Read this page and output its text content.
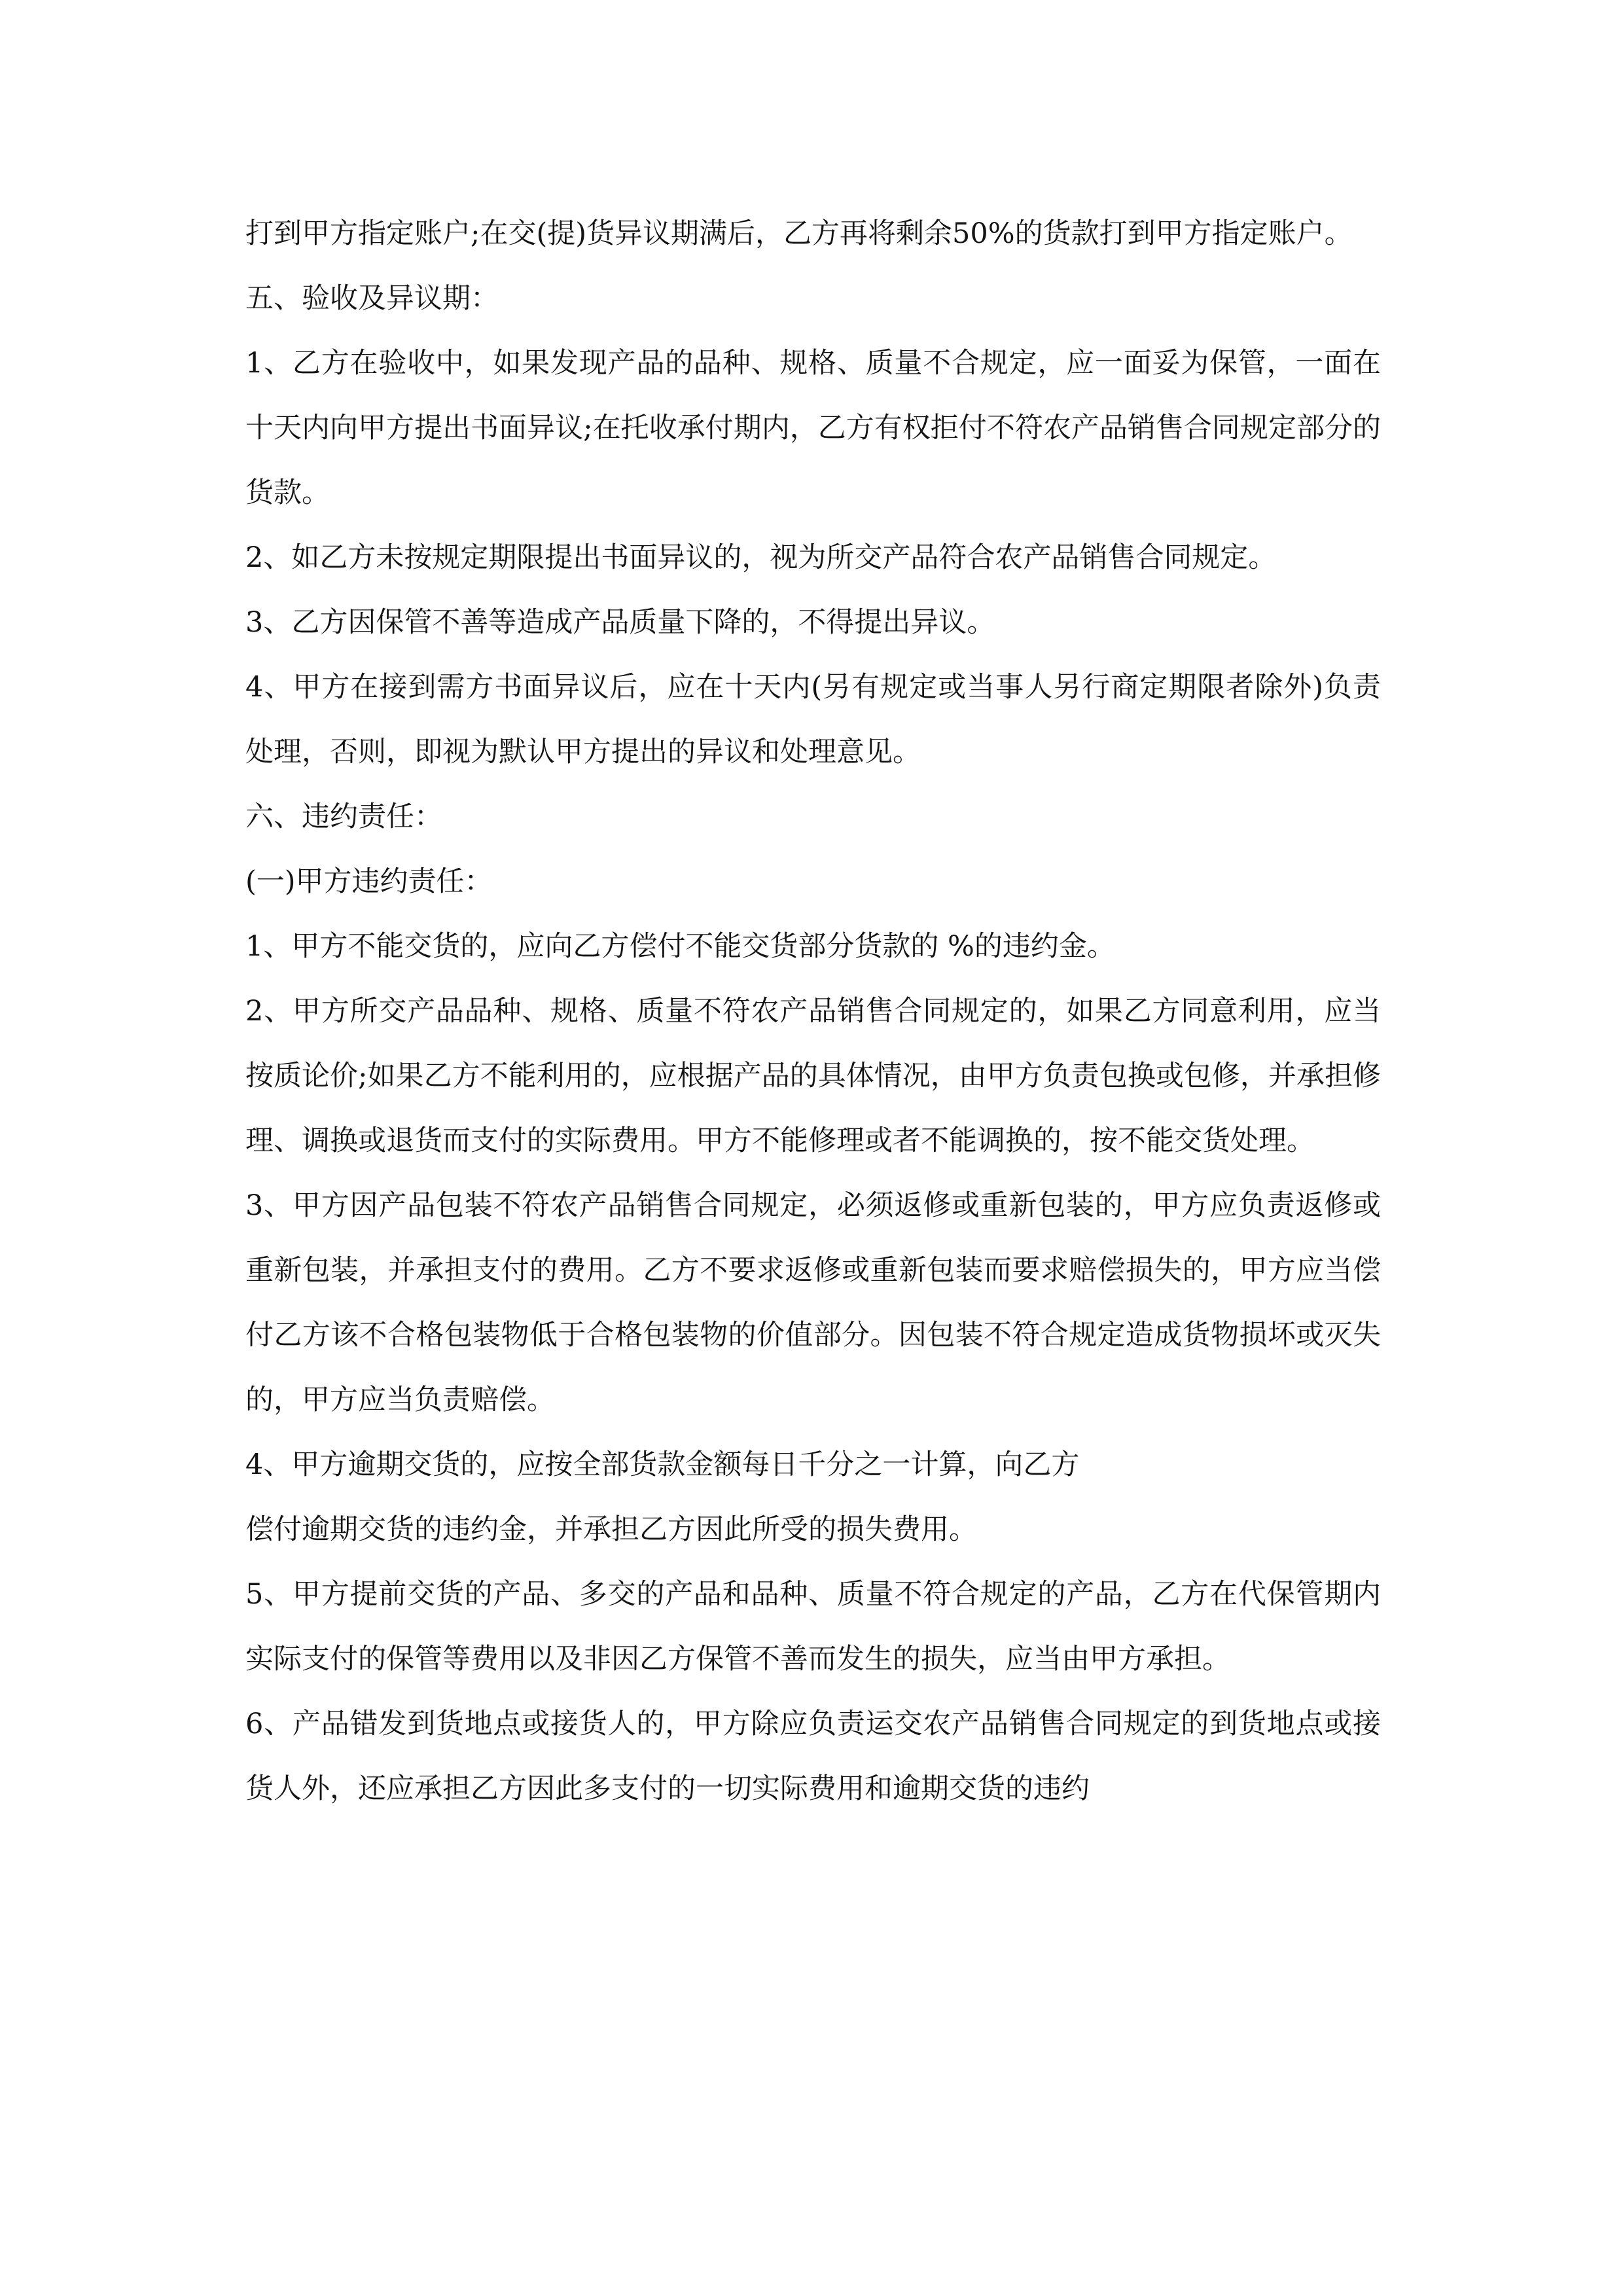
打到甲方指定账户;在交(提)货异议期满后，乙方再将剩余50%的货款打到甲方指定账户。

五、验收及异议期：

1、乙方在验收中，如果发现产品的品种、规格、质量不合规定，应一面妥为保管，一面在十天内向甲方提出书面异议;在托收承付期内，乙方有权拒付不符农产品销售合同规定部分的货款。

2、如乙方未按规定期限提出书面异议的，视为所交产品符合农产品销售合同规定。

3、乙方因保管不善等造成产品质量下降的，不得提出异议。

4、甲方在接到需方书面异议后，应在十天内(另有规定或当事人另行商定期限者除外)负责处理，否则，即视为默认甲方提出的异议和处理意见。

六、违约责任：

(一)甲方违约责任：

1、甲方不能交货的，应向乙方偿付不能交货部分货款的 %的违约金。

2、甲方所交产品品种、规格、质量不符农产品销售合同规定的，如果乙方同意利用，应当按质论价;如果乙方不能利用的，应根据产品的具体情况，由甲方负责包换或包修，并承担修理、调换或退货而支付的实际费用。甲方不能修理或者不能调换的，按不能交货处理。

3、甲方因产品包装不符农产品销售合同规定，必须返修或重新包装的，甲方应负责返修或重新包装，并承担支付的费用。乙方不要求返修或重新包装而要求赔偿损失的，甲方应当偿付乙方该不合格包装物低于合格包装物的价值部分。因包装不符合规定造成货物损坏或灭失的，甲方应当负责赔偿。

4、甲方逾期交货的，应按全部货款金额每日千分之一计算，向乙方
偿付逾期交货的违约金，并承担乙方因此所受的损失费用。

5、甲方提前交货的产品、多交的产品和品种、质量不符合规定的产品，乙方在代保管期内实际支付的保管等费用以及非因乙方保管不善而发生的损失，应当由甲方承担。

6、产品错发到货地点或接货人的，甲方除应负责运交农产品销售合同规定的到货地点或接货人外，还应承担乙方因此多支付的一切实际费用和逾期交货的违约
